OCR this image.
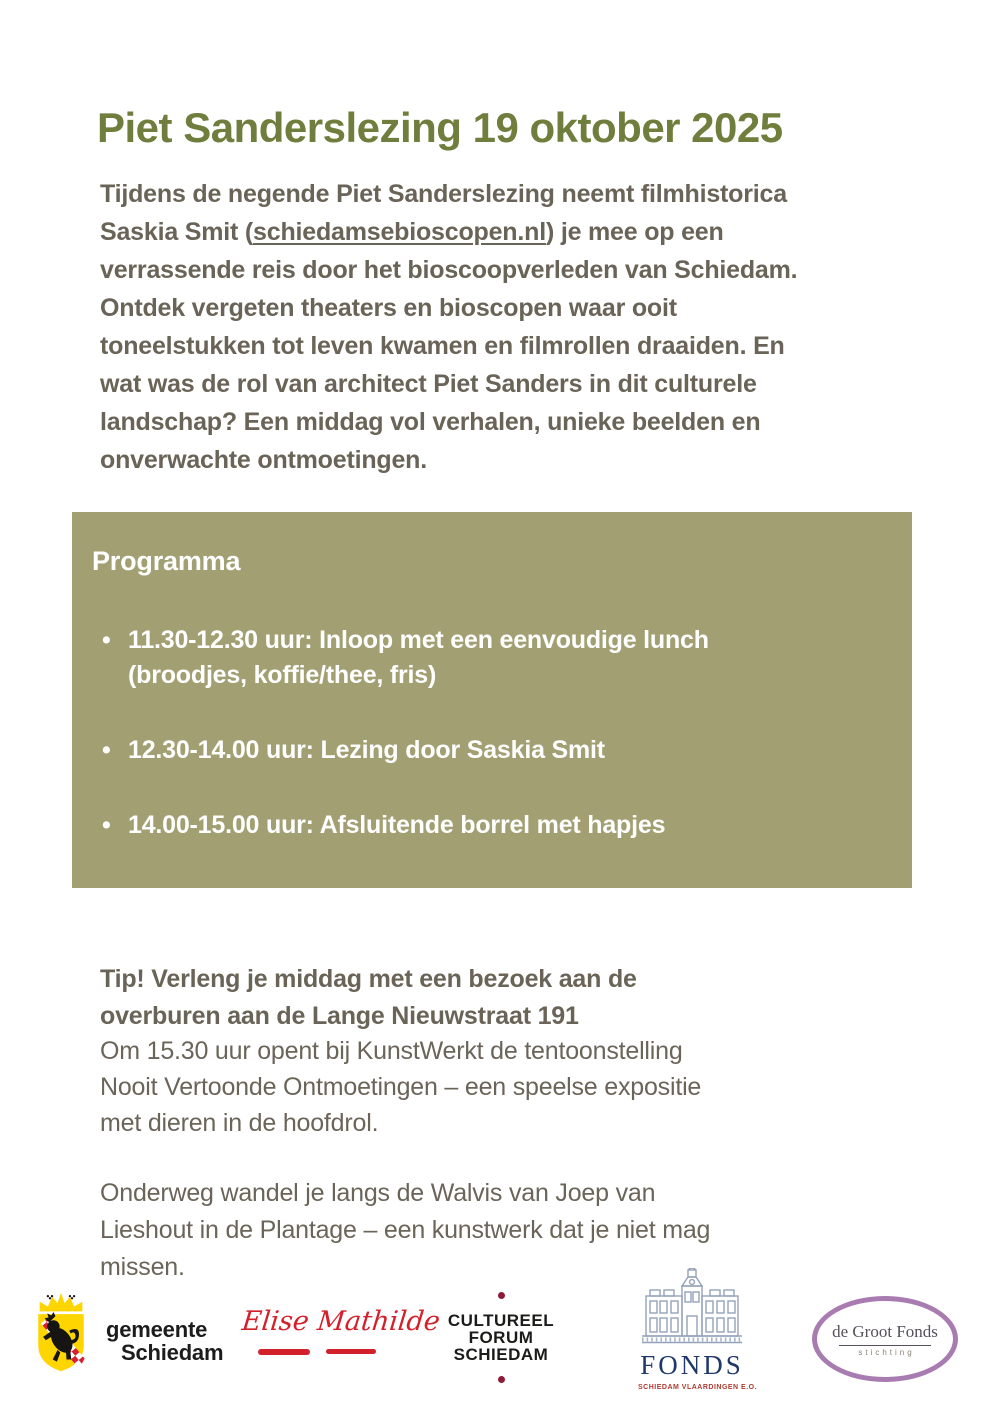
Piet Sanderslezing 19 oktober 2025

Tijdens de negende Piet Sanderslezing neemt filmhistorica Saskia Smit (schiedamsebioscopen.nl) je mee op een verrassende reis door het bioscoopverleden van Schiedam. Ontdek vergeten theaters en bioscopen waar ooit toneelstukken tot leven kwamen en filmrollen draaiden. En wat was de rol van architect Piet Sanders in dit culturele landschap? Een middag vol verhalen, unieke beelden en onverwachte ontmoetingen.

Programma
• 11.30-12.30 uur: Inloop met een eenvoudige lunch (broodjes, koffie/thee, fris)
• 12.30-14.00 uur: Lezing door Saskia Smit
• 14.00-15.00 uur: Afsluitende borrel met hapjes

Tip! Verleng je middag met een bezoek aan de overburen aan de Lange Nieuwstraat 191

Om 15.30 uur opent bij KunstWerkt de tentoonstelling Nooit Vertoonde Ontmoetingen – een speelse expositie met dieren in de hoofdrol.

Onderweg wandel je langs de Walvis van Joep van Lieshout in de Plantage – een kunstwerk dat je niet mag missen.

gemeente
Schiedam
Elise Mathilde CULTUREEL
FORUM
SCHIEDAM	FONDS
SCHIEDAM VLAARDINGEN E.O.
de Groot Fonds
stichting
